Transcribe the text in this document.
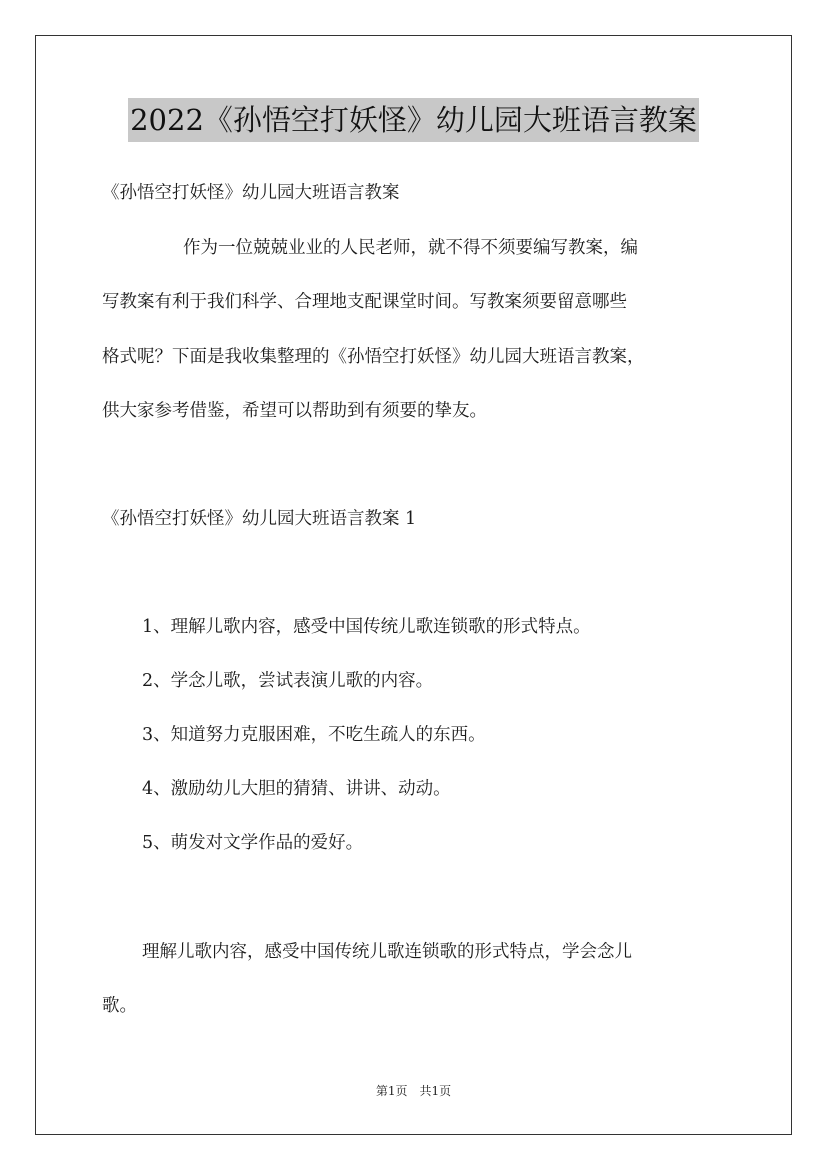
2022《孙悟空打妖怪》幼儿园大班语言教案
《孙悟空打妖怪》幼儿园大班语言教案
作为一位兢兢业业的人民老师，就不得不须要编写教案，编
写教案有利于我们科学、合理地支配课堂时间。写教案须要留意哪些
格式呢？下面是我收集整理的《孙悟空打妖怪》幼儿园大班语言教案，
供大家参考借鉴，希望可以帮助到有须要的挚友。
《孙悟空打妖怪》幼儿园大班语言教案 1
1、理解儿歌内容，感受中国传统儿歌连锁歌的形式特点。
2、学念儿歌，尝试表演儿歌的内容。
3、知道努力克服困难，不吃生疏人的东西。
4、激励幼儿大胆的猜猜、讲讲、动动。
5、萌发对文学作品的爱好。
理解儿歌内容，感受中国传统儿歌连锁歌的形式特点，学会念儿
歌。
第1页　共1页
